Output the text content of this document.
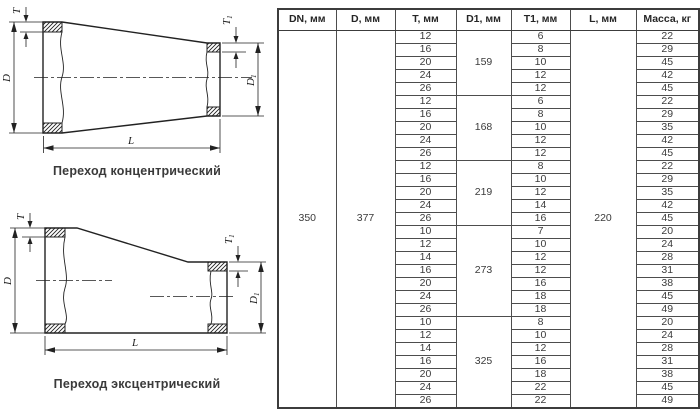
D
T
T1
D1
L
Переход концентрический
D
T
T1
D1
L
Переход эксцентрический
DN, мм	D, мм	T, мм	D1, мм	T1, мм	L, мм	Масса, кг
350	377	12	159	6	220	22
		16		8		29
		20		10		45
		24		12		42
		26		12		45
		12	168	6		22
		16		8		29
		20		10		35
		24		12		42
		26		12		45
		12	219	8		22
		16		10		29
		20		12		35
		24		14		42
		26		16		45
		10	273	7		20
		12		10		24
		14		12		28
		16		12		31
		20		16		38
		24		18		45
		26		18		49
		10	325	8		20
		12		10		24
		14		12		28
		16		16		31
		20		18		38
		24		22		45
		26		22		49
